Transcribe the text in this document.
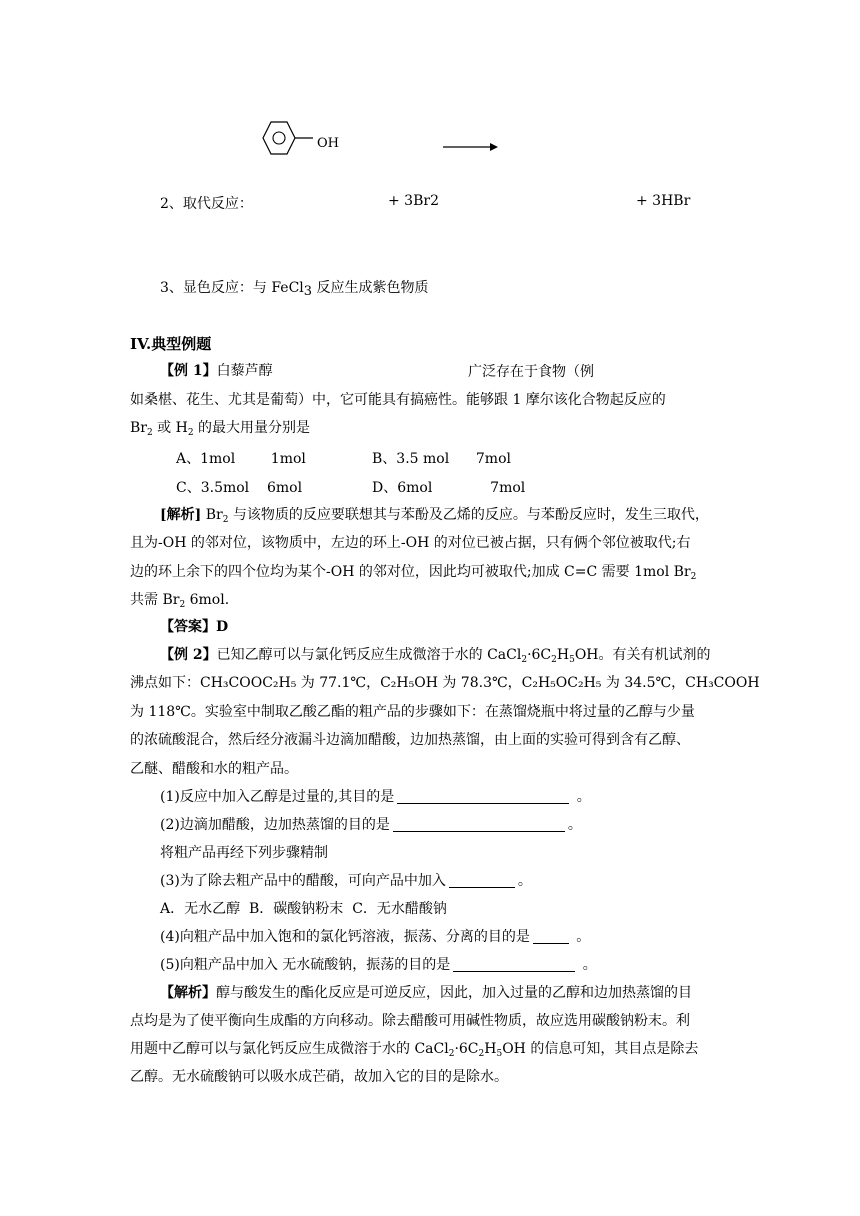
OH
2、取代反应：	+ 3Br2	+ 3HBr
3、显色反应：与 FeCl$_3$ 反应生成紫色物质
IV.典型例题
【例 1】白藜芦醇	广泛存在于食物（例
如桑椹、花生、尤其是葡萄）中，它可能具有搞癌性。能够跟 1 摩尔该化合物起反应的
$Br_2$ 或 $H_2$ 的最大用量分别是
A、1mol        1mol	B、3.5 mol      7mol
C、3.5mol    6mol	D、6mol             7mol
[解析] $Br_2$ 与该物质的反应要联想其与苯酚及乙烯的反应。与苯酚反应时，发生三取代，
且为-OH 的邻对位，该物质中，左边的环上-OH 的对位已被占据，只有俩个邻位被取代;右
边的环上余下的四个位均为某个-OH 的邻对位，因此均可被取代;加成 C=C 需要 1mol $Br_2$
共需 $Br_2$ 6mol.
【答案】D
【例 2】已知乙醇可以与氯化钙反应生成微溶于水的 $CaCl_2\cdot 6C_2H_5OH$。有关有机试剂的
沸点如下：CH₃COOC₂H₅ 为 77.1℃，C₂H₅OH 为 78.3℃，C₂H₅OC₂H₅ 为 34.5℃，CH₃COOH
为 118℃。实验室中制取乙酸乙酯的粗产品的步骤如下：在蒸馏烧瓶中将过量的乙醇与少量
的浓硫酸混合，然后经分液漏斗边滴加醋酸，边加热蒸馏，由上面的实验可得到含有乙醇、
乙醚、醋酸和水的粗产品。
(1)反应中加入乙醇是过量的,其目的是	。
(2)边滴加醋酸，边加热蒸馏的目的是	。
将粗产品再经下列步骤精制
(3)为了除去粗产品中的醋酸，可向产品中加入	。
A．无水乙醇  B．碳酸钠粉末  C．无水醋酸钠
(4)向粗产品中加入饱和的氯化钙溶液，振荡、分离的目的是	。
(5)向粗产品中加入 无水硫酸钠，振荡的目的是	。
【解析】醇与酸发生的酯化反应是可逆反应，因此，加入过量的乙醇和边加热蒸馏的目
点均是为了使平衡向生成酯的方向移动。除去醋酸可用碱性物质，故应选用碳酸钠粉末。利
用题中乙醇可以与氯化钙反应生成微溶于水的 $CaCl_2\cdot 6C_2H_5OH$ 的信息可知，其目点是除去
乙醇。无水硫酸钠可以吸水成芒硝，故加入它的目的是除水。
